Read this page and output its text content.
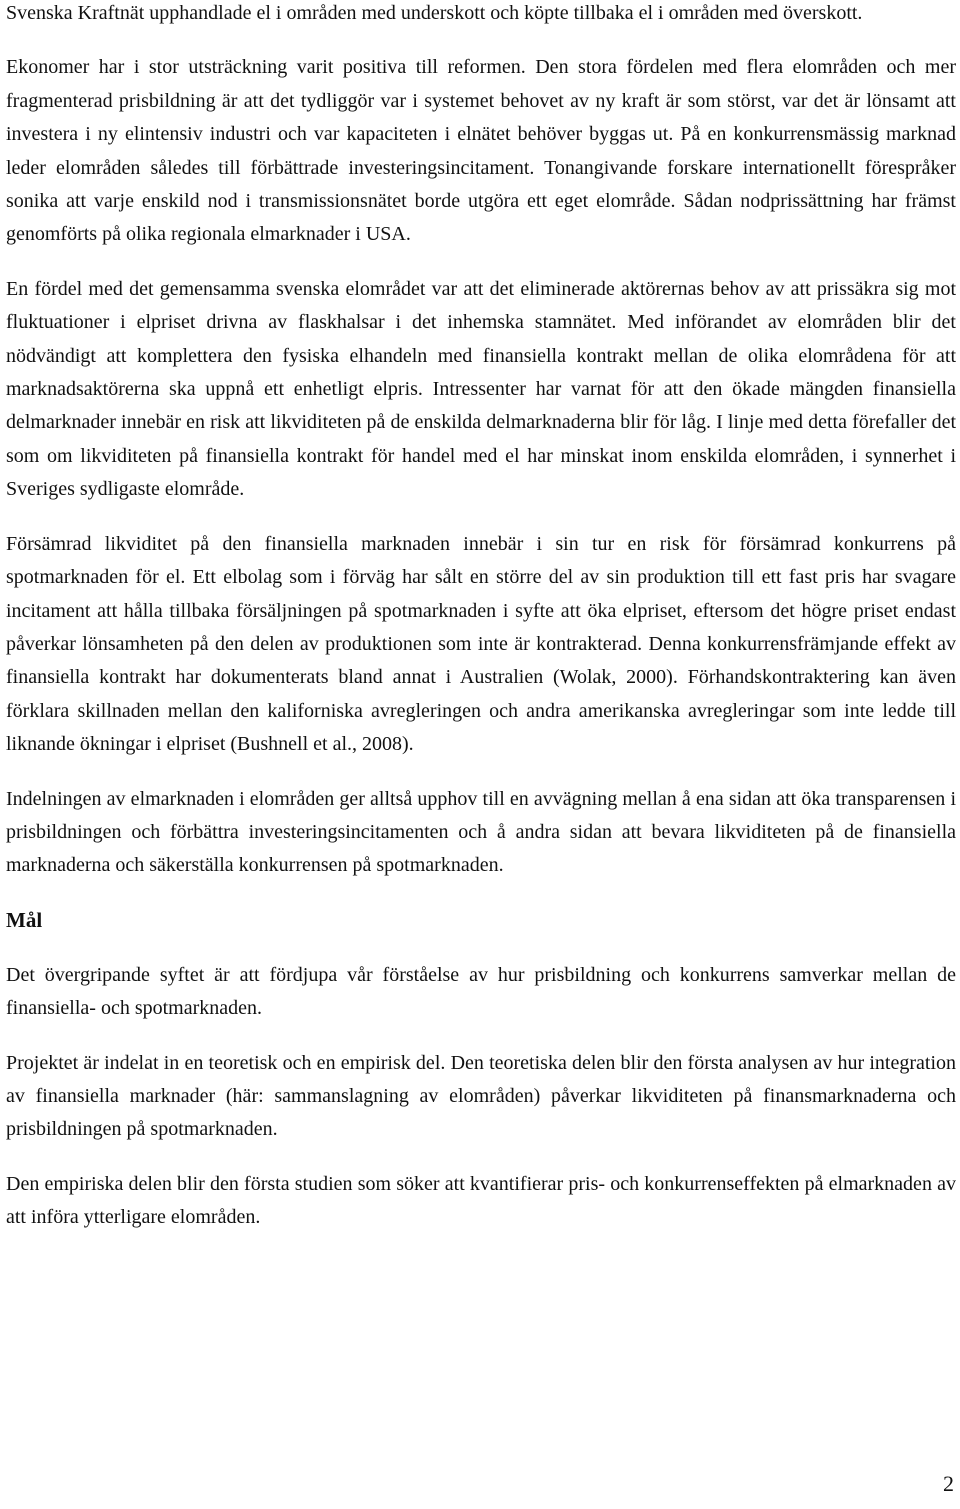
Svenska Kraftnät upphandlade el i områden med underskott och köpte tillbaka el i områden med överskott.

Ekonomer har i stor utsträckning varit positiva till reformen. Den stora fördelen med flera elområden och mer fragmenterad prisbildning är att det tydliggör var i systemet behovet av ny kraft är som störst, var det är lönsamt att investera i ny elintensiv industri och var kapaciteten i elnätet behöver byggas ut. På en konkurrensmässig marknad leder elområden således till förbättrade investeringsincitament. Tonangivande forskare internationellt förespråker sonika att varje enskild nod i transmissionsnätet borde utgöra ett eget elområde. Sådan nodprissättning har främst genomförts på olika regionala elmarknader i USA.

En fördel med det gemensamma svenska elområdet var att det eliminerade aktörernas behov av att prissäkra sig mot fluktuationer i elpriset drivna av flaskhalsar i det inhemska stamnätet. Med införandet av elområden blir det nödvändigt att komplettera den fysiska elhandeln med finansiella kontrakt mellan de olika elområdena för att marknadsaktörerna ska uppnå ett enhetligt elpris. Intressenter har varnat för att den ökade mängden finansiella delmarknader innebär en risk att likviditeten på de enskilda delmarknaderna blir för låg. I linje med detta förefaller det som om likviditeten på finansiella kontrakt för handel med el har minskat inom enskilda elområden, i synnerhet i Sveriges sydligaste elområde.

Försämrad likviditet på den finansiella marknaden innebär i sin tur en risk för försämrad konkurrens på spotmarknaden för el. Ett elbolag som i förväg har sålt en större del av sin produktion till ett fast pris har svagare incitament att hålla tillbaka försäljningen på spotmarknaden i syfte att öka elpriset, eftersom det högre priset endast påverkar lönsamheten på den delen av produktionen som inte är kontrakterad. Denna konkurrensfrämjande effekt av finansiella kontrakt har dokumenterats bland annat i Australien (Wolak, 2000). Förhandskontraktering kan även förklara skillnaden mellan den kaliforniska avregleringen och andra amerikanska avregleringar som inte ledde till liknande ökningar i elpriset (Bushnell et al., 2008).

Indelningen av elmarknaden i elområden ger alltså upphov till en avvägning mellan å ena sidan att öka transparensen i prisbildningen och förbättra investeringsincitamenten och å andra sidan att bevara likviditeten på de finansiella marknaderna och säkerställa konkurrensen på spotmarknaden.

Mål

Det övergripande syftet är att fördjupa vår förståelse av hur prisbildning och konkurrens samverkar mellan de finansiella- och spotmarknaden.

Projektet är indelat in en teoretisk och en empirisk del. Den teoretiska delen blir den första analysen av hur integration av finansiella marknader (här: sammanslagning av elområden) påverkar likviditeten på finansmarknaderna och prisbildningen på spotmarknaden.

Den empiriska delen blir den första studien som söker att kvantifierar pris- och konkurrenseffekten på elmarknaden av att införa ytterligare elområden.

2
